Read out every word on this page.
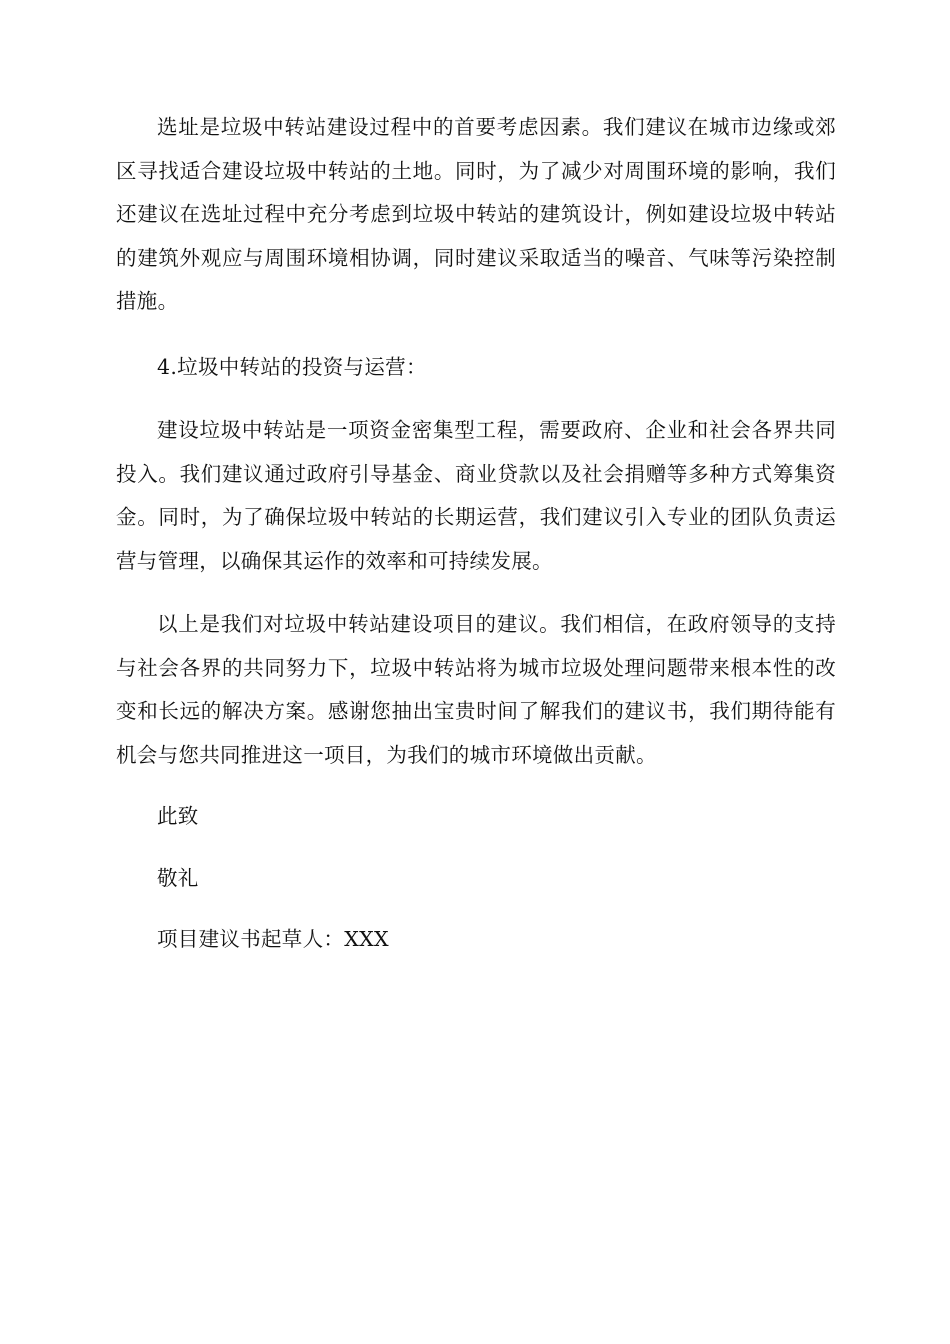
选址是垃圾中转站建设过程中的首要考虑因素。我们建议在城市边缘或郊区寻找适合建设垃圾中转站的土地。同时，为了减少对周围环境的影响，我们还建议在选址过程中充分考虑到垃圾中转站的建筑设计，例如建设垃圾中转站的建筑外观应与周围环境相协调，同时建议采取适当的噪音、气味等污染控制措施。

4.垃圾中转站的投资与运营：

建设垃圾中转站是一项资金密集型工程，需要政府、企业和社会各界共同投入。我们建议通过政府引导基金、商业贷款以及社会捐赠等多种方式筹集资金。同时，为了确保垃圾中转站的长期运营，我们建议引入专业的团队负责运营与管理，以确保其运作的效率和可持续发展。

以上是我们对垃圾中转站建设项目的建议。我们相信，在政府领导的支持与社会各界的共同努力下，垃圾中转站将为城市垃圾处理问题带来根本性的改变和长远的解决方案。感谢您抽出宝贵时间了解我们的建议书，我们期待能有机会与您共同推进这一项目，为我们的城市环境做出贡献。

此致

敬礼

项目建议书起草人：XXX
